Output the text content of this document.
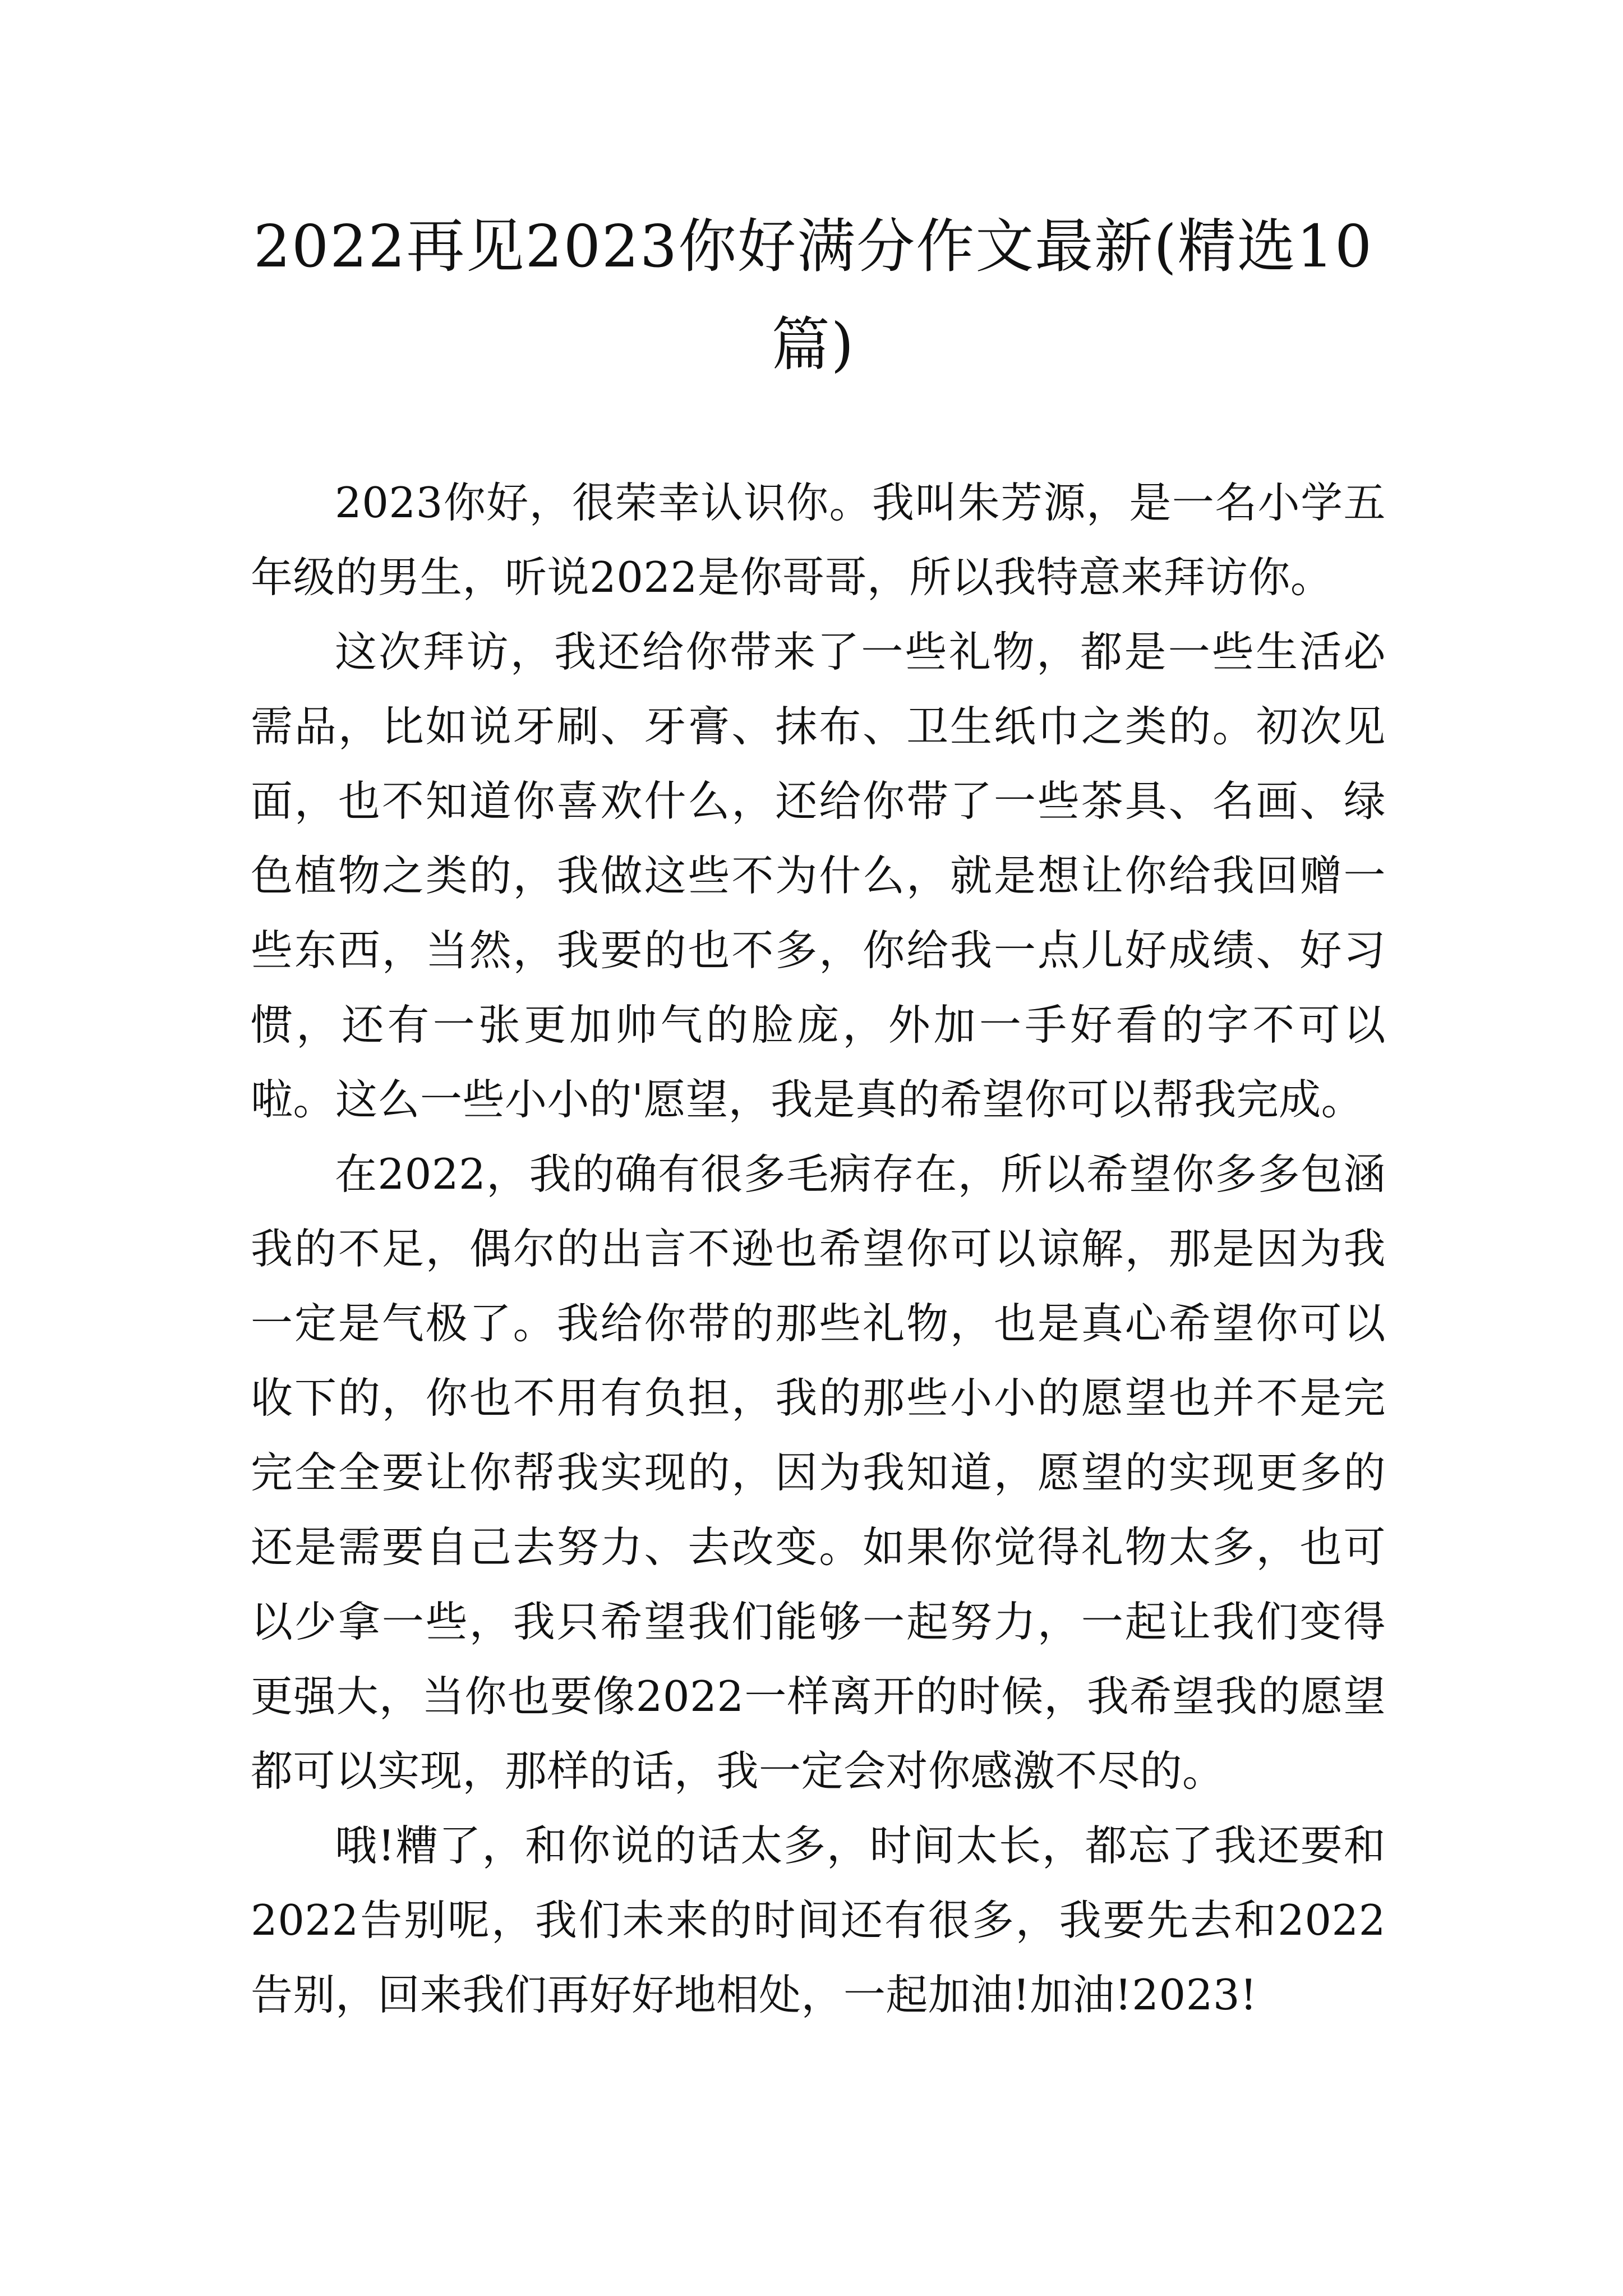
2022再见2023你好满分作文最新(精选10篇)

2023你好，很荣幸认识你。我叫朱芳源，是一名小学五年级的男生，听说2022是你哥哥，所以我特意来拜访你。

这次拜访，我还给你带来了一些礼物，都是一些生活必需品，比如说牙刷、牙膏、抹布、卫生纸巾之类的。初次见面，也不知道你喜欢什么，还给你带了一些茶具、名画、绿色植物之类的，我做这些不为什么，就是想让你给我回赠一些东西，当然，我要的也不多，你给我一点儿好成绩、好习惯，还有一张更加帅气的脸庞，外加一手好看的字不可以啦。这么一些小小的'愿望，我是真的希望你可以帮我完成。

在2022，我的确有很多毛病存在，所以希望你多多包涵我的不足，偶尔的出言不逊也希望你可以谅解，那是因为我一定是气极了。我给你带的那些礼物，也是真心希望你可以收下的，你也不用有负担，我的那些小小的愿望也并不是完完全全要让你帮我实现的，因为我知道，愿望的实现更多的还是需要自己去努力、去改变。如果你觉得礼物太多，也可以少拿一些，我只希望我们能够一起努力，一起让我们变得更强大，当你也要像2022一样离开的时候，我希望我的愿望都可以实现，那样的话，我一定会对你感激不尽的。

哦!糟了，和你说的话太多，时间太长，都忘了我还要和2022告别呢，我们未来的时间还有很多，我要先去和2022告别，回来我们再好好地相处，一起加油!加油!2023!
